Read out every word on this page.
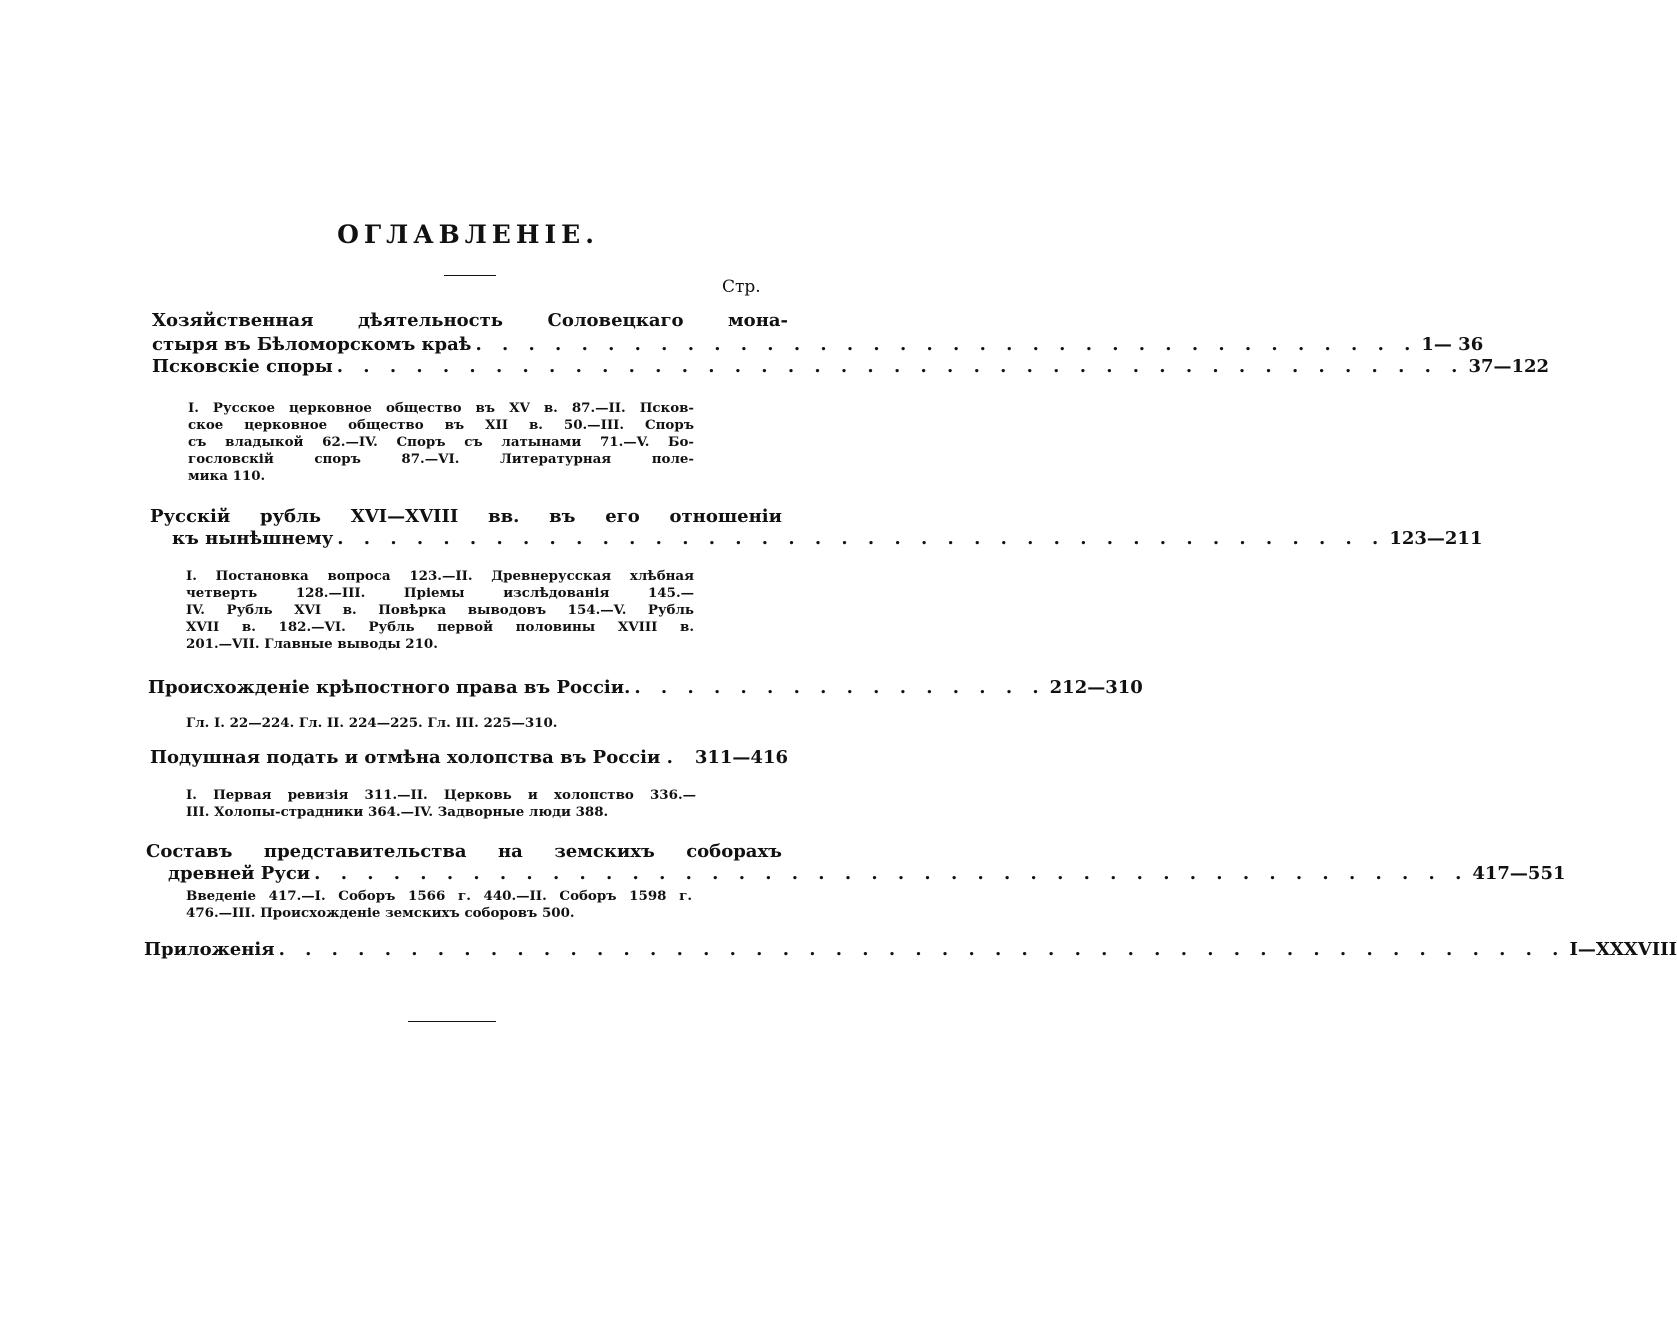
ОГЛАВЛЕНІЕ.
Стр.
Хозяйственная дѣятельность Соловецкаго мона-
стыря въ Бѣломорскомъ краѣ . . . . . . . . . . . . . . . . . . . . . . . . . . . . . . . . . . . . 1— 36
Псковскіе споры . . . . . . . . . . . . . . . . . . . . . . . . . . . . . . . . . . . . . . . . . . . 37—122
I. Русское церковное общество въ XV в. 87.—II. Псков-
ское церковное общество въ XII в. 50.—III. Споръ
съ владыкой 62.—IV. Споръ съ латынами 71.—V. Бо-
гословскій споръ 87.—VI. Литературная поле-
мика 110.
Русскій рубль XVI—XVIII вв. въ его отношеніи
къ нынѣшнему . . . . . . . . . . . . . . . . . . . . . . . . . . . . . . . . . . . . . . . . 123—211
I. Постановка вопроса 123.—II. Древнерусская хлѣбная
четверть 128.—III. Пріемы изслѣдованія 145.—
IV. Рубль XVI в. Повѣрка выводовъ 154.—V. Рубль
XVII в. 182.—VI. Рубль первой половины XVIII в.
201.—VII. Главные выводы 210.
Происхожденіе крѣпостного права въ Россіи. . . . . . . . . . . . . . . . . 212—310
Гл. I. 22—224. Гл. II. 224—225. Гл. III. 225—310.
Подушная подать и отмѣна холопства въ Россіи . 311—416
I. Первая ревизія 311.—II. Церковь и холопство 336.—
III. Холопы-страдники 364.—IV. Задворные люди 388.
Составъ представительства на земскихъ соборахъ
древней Руси . . . . . . . . . . . . . . . . . . . . . . . . . . . . . . . . . . . . . . . . . . . . 417—551
Введеніе 417.—I. Соборъ 1566 г. 440.—II. Соборъ 1598 г.
476.—III. Происхожденіе земскихъ соборовъ 500.
Приложенія . . . . . . . . . . . . . . . . . . . . . . . . . . . . . . . . . . . . . . . . . . . . . . . . . I—XXXVIII
